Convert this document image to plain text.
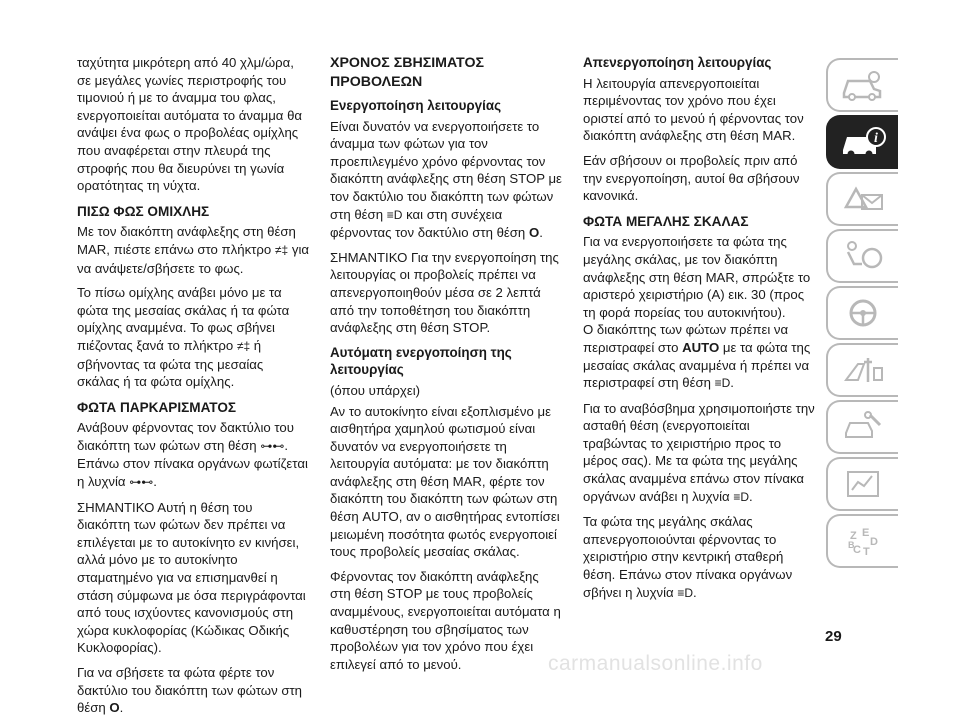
ταχύτητα μικρότερη από 40 χλμ/ώρα, σε μεγάλες γωνίες περιστροφής του τιμονιού ή με το άναμμα του φλας, ενεργοποιείται αυτόματα το άναμμα θα ανάψει ένα φως ο προβολέας ομίχλης που αναφέρεται στην πλευρά της στροφής που θα διευρύνει τη γωνία ορατότητας τη νύχτα.

ΠΙΣΩ ΦΩΣ ΟΜΙΧΛΗΣ

Με τον διακόπτη ανάφλεξης στη θέση MAR, πιέστε επάνω στο πλήκτρο ≠‡ για να ανάψετε/σβήσετε το φως.

Το πίσω ομίχλης ανάβει μόνο με τα φώτα της μεσαίας σκάλας ή τα φώτα ομίχλης αναμμένα. Το φως σβήνει πιέζοντας ξανά το πλήκτρο ≠‡ ή σβήνοντας τα φώτα της μεσαίας σκάλας ή τα φώτα ομίχλης.

ΦΩΤΑ ΠΑΡΚΑΡΙΣΜΑΤΟΣ

Ανάβουν φέρνοντας τον δακτύλιο του διακόπτη των φώτων στη θέση ⊶⊷. Επάνω στον πίνακα οργάνων φωτίζεται η λυχνία ⊶⊷.

ΣΗΜΑΝΤΙΚΟ Αυτή η θέση του διακόπτη των φώτων δεν πρέπει να επιλέγεται με το αυτοκίνητο εν κινήσει, αλλά μόνο με το αυτοκίνητο σταματημένο για να επισημανθεί η στάση σύμφωνα με όσα περιγράφονται από τους ισχύοντες κανονισμούς στη χώρα κυκλοφορίας (Κώδικας Οδικής Κυκλοφορίας).

Για να σβήσετε τα φώτα φέρτε τον δακτύλιο του διακόπτη των φώτων στη θέση O.

ΧΡΟΝΟΣ ΣΒΗΣΙΜΑΤΟΣ ΠΡΟΒΟΛΕΩΝ
Ενεργοποίηση λειτουργίας

Είναι δυνατόν να ενεργοποιήσετε το άναμμα των φώτων για τον προεπιλεγμένο χρόνο φέρνοντας τον διακόπτη ανάφλεξης στη θέση STOP με τον δακτύλιο του διακόπτη των φώτων στη θέση ≡D και στη συνέχεια φέρνοντας τον δακτύλιο στη θέση O.

ΣΗΜΑΝΤΙΚΟ Για την ενεργοποίηση της λειτουργίας οι προβολείς πρέπει να απενεργοποιηθούν μέσα σε 2 λεπτά από την τοποθέτηση του διακόπτη ανάφλεξης στη θέση STOP.

Αυτόματη ενεργοποίηση της λειτουργίας

(όπου υπάρχει)

Αν το αυτοκίνητο είναι εξοπλισμένο με αισθητήρα χαμηλού φωτισμού είναι δυνατόν να ενεργοποιήσετε τη λειτουργία αυτόματα: με τον διακόπτη ανάφλεξης στη θέση MAR, φέρτε τον διακόπτη του διακόπτη των φώτων στη θέση AUTO, αν ο αισθητήρας εντοπίσει μειωμένη ποσότητα φωτός ενεργοποιεί τους προβολείς μεσαίας σκάλας.

Φέρνοντας τον διακόπτη ανάφλεξης στη θέση STOP με τους προβολείς αναμμένους, ενεργοποιείται αυτόματα η καθυστέρηση του σβησίματος των προβολέων για τον χρόνο που έχει επιλεγεί από το μενού.

Απενεργοποίηση λειτουργίας

Η λειτουργία απενεργοποιείται περιμένοντας τον χρόνο που έχει οριστεί από το μενού ή φέρνοντας τον διακόπτη ανάφλεξης στη θέση MAR.

Εάν σβήσουν οι προβολείς πριν από την ενεργοποίηση, αυτοί θα σβήσουν κανονικά.

ΦΩΤΑ ΜΕΓΑΛΗΣ ΣΚΑΛΑΣ

Για να ενεργοποιήσετε τα φώτα της μεγάλης σκάλας, με τον διακόπτη ανάφλεξης στη θέση MAR, σπρώξτε το αριστερό χειριστήριο (A) εικ. 30 (προς τη φορά πορείας του αυτοκινήτου).

Ο διακόπτης των φώτων πρέπει να περιστραφεί στο AUTO με τα φώτα της μεσαίας σκάλας αναμμένα ή πρέπει να περιστραφεί στη θέση ≡D.

Για το αναβόσβημα χρησιμοποιήστε την ασταθή θέση (ενεργοποιείται τραβώντας το χειριστήριο προς το μέρος σας). Με τα φώτα της μεγάλης σκάλας αναμμένα επάνω στον πίνακα οργάνων ανάβει η λυχνία ≡D.

Τα φώτα της μεγάλης σκάλας απενεργοποιούνται φέρνοντας το χειριστήριο στην κεντρική σταθερή θέση. Επάνω στον πίνακα οργάνων σβήνει η λυχνία ≡D.

i
Z E
D
C T
B
29
carmanualsonline.info
